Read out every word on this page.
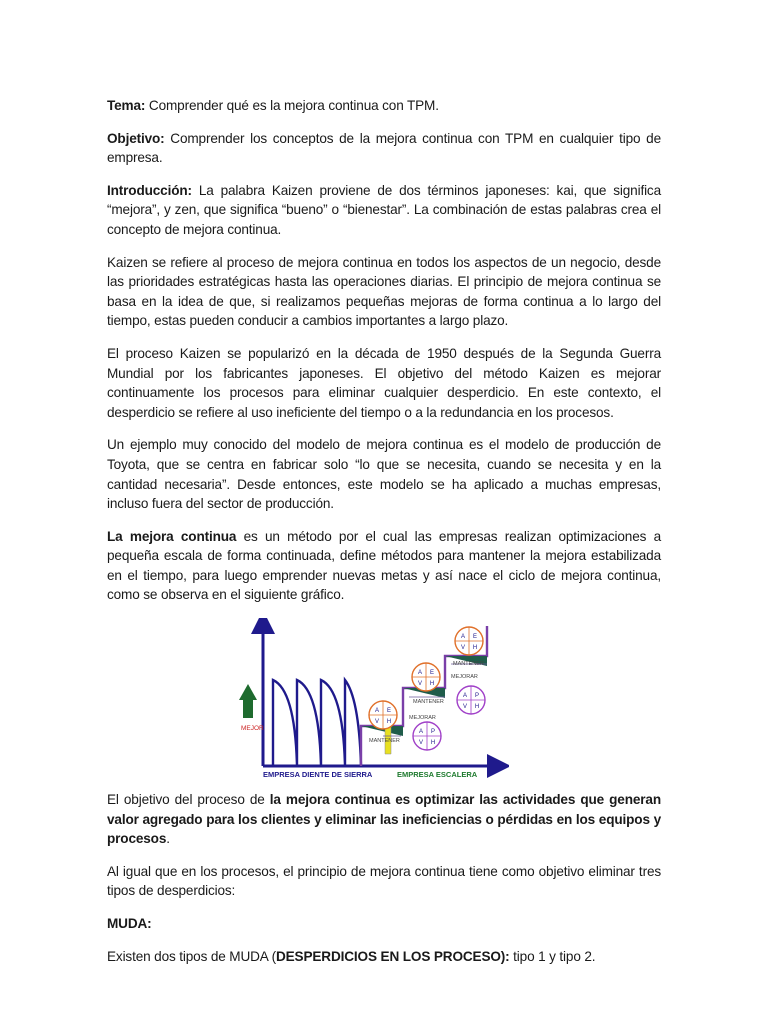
Tema: Comprender qué es la mejora continua con TPM.

Objetivo: Comprender los conceptos de la mejora continua con TPM en cualquier tipo de empresa.

Introducción: La palabra Kaizen proviene de dos términos japoneses: kai, que significa “mejora”, y zen, que significa “bueno” o “bienestar”. La combinación de estas palabras crea el concepto de mejora continua.

Kaizen se refiere al proceso de mejora continua en todos los aspectos de un negocio, desde las prioridades estratégicas hasta las operaciones diarias. El principio de mejora continua se basa en la idea de que, si realizamos pequeñas mejoras de forma continua a lo largo del tiempo, estas pueden conducir a cambios importantes a largo plazo.

El proceso Kaizen se popularizó en la década de 1950 después de la Segunda Guerra Mundial por los fabricantes japoneses. El objetivo del método Kaizen es mejorar continuamente los procesos para eliminar cualquier desperdicio. En este contexto, el desperdicio se refiere al uso ineficiente del tiempo o a la redundancia en los procesos.

Un ejemplo muy conocido del modelo de mejora continua es el modelo de producción de Toyota, que se centra en fabricar solo “lo que se necesita, cuando se necesita y en la cantidad necesaria”. Desde entonces, este modelo se ha aplicado a muchas empresas, incluso fuera del sector de producción.

La mejora continua es un método por el cual las empresas realizan optimizaciones a pequeña escala de forma continuada, define métodos para mantener la mejora estabilizada en el tiempo, para luego emprender nuevas metas y así nace el ciclo de mejora continua, como se observa en el siguiente gráfico.

MEJOR
A E
V H
MANTENER
A P
V H
MEJORAR
A E
V H
MANTENER
A P
V H
MEJORAR
A E
V H
MANTENER
EMPRESA DIENTE DE SIERRA	EMPRESA ESCALERA

El objetivo del proceso de la mejora continua es optimizar las actividades que generan valor agregado para los clientes y eliminar las ineficiencias o pérdidas en los equipos y procesos.

Al igual que en los procesos, el principio de mejora continua tiene como objetivo eliminar tres tipos de desperdicios:

MUDA:

Existen dos tipos de MUDA (DESPERDICIOS EN LOS PROCESO): tipo 1 y tipo 2.
